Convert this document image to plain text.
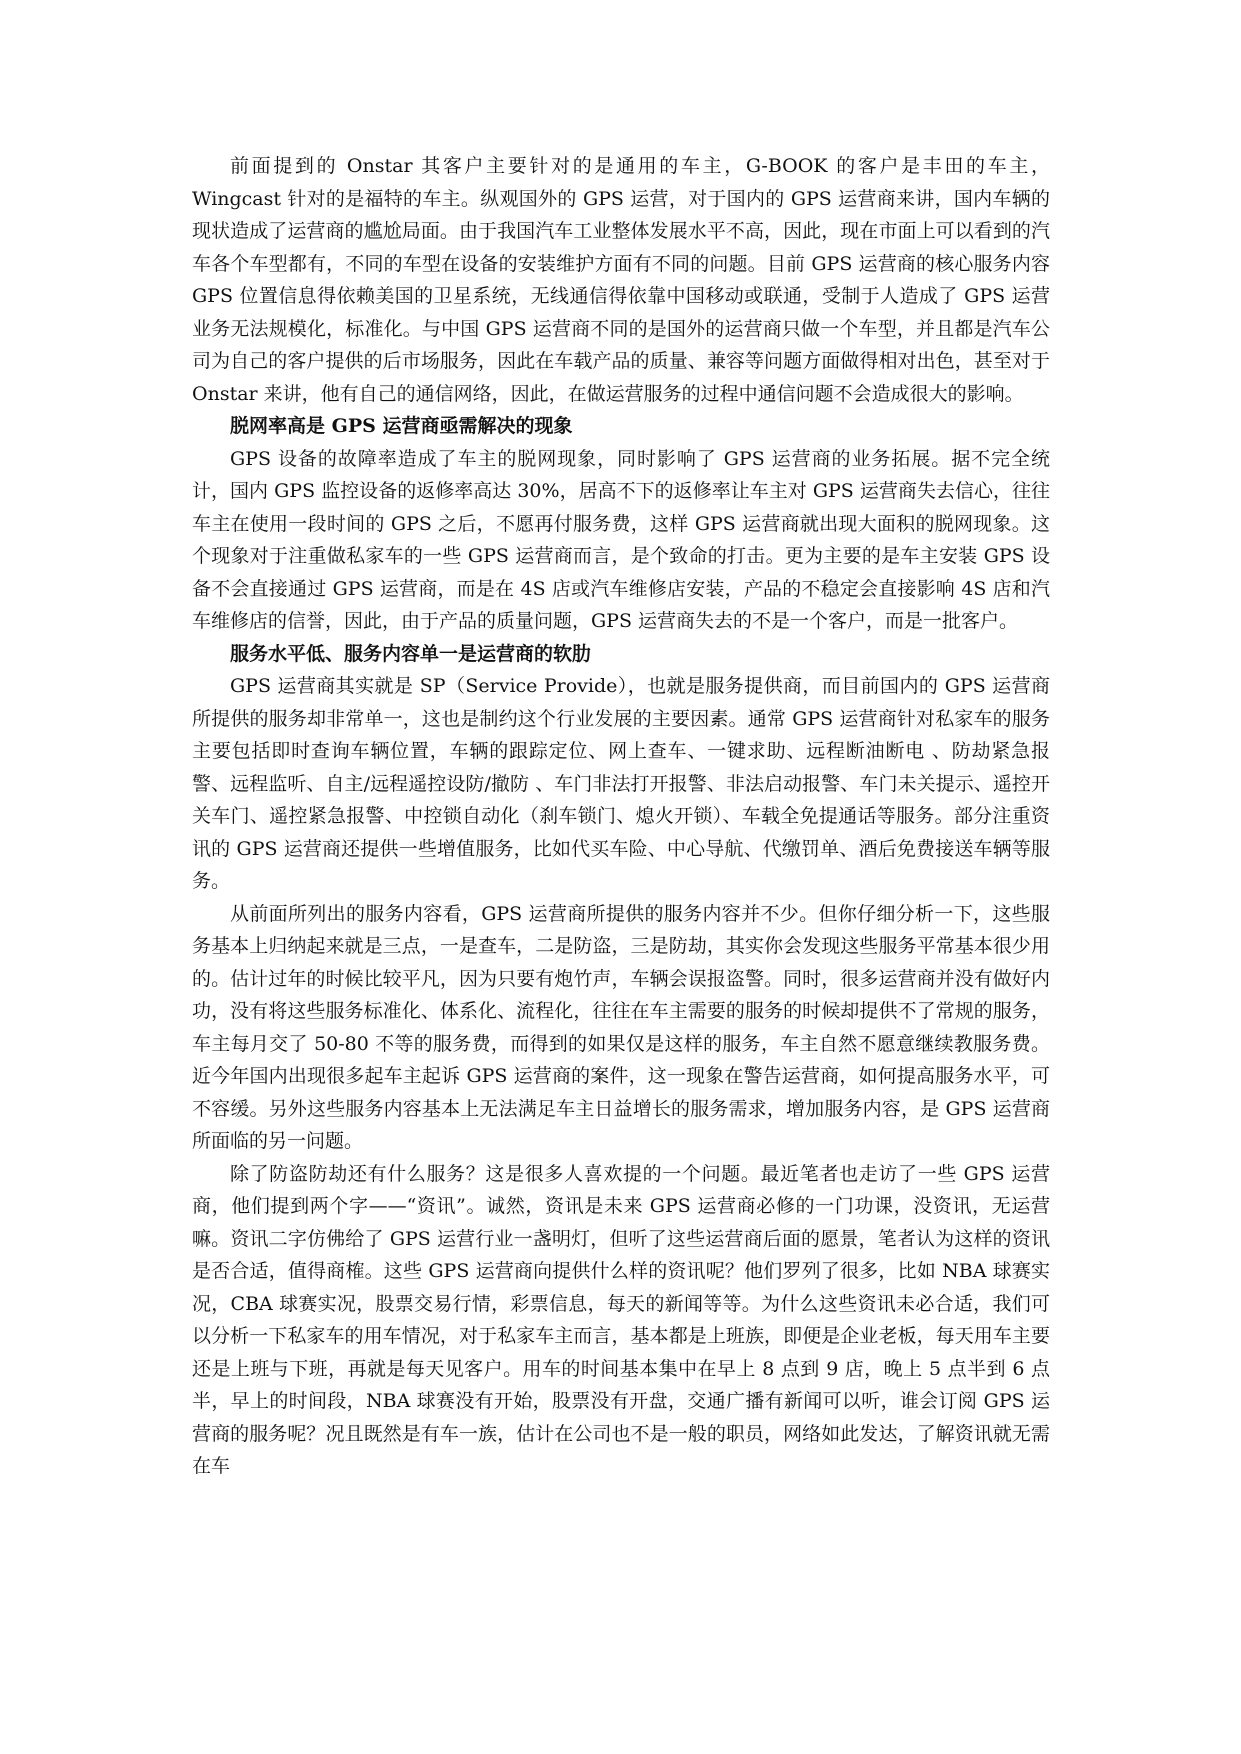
前面提到的 Onstar 其客户主要针对的是通用的车主，G-BOOK 的客户是丰田的车主，Wingcast 针对的是福特的车主。纵观国外的 GPS 运营，对于国内的 GPS 运营商来讲，国内车辆的现状造成了运营商的尴尬局面。由于我国汽车工业整体发展水平不高，因此，现在市面上可以看到的汽车各个车型都有，不同的车型在设备的安装维护方面有不同的问题。目前 GPS 运营商的核心服务内容 GPS 位置信息得依赖美国的卫星系统，无线通信得依靠中国移动或联通，受制于人造成了 GPS 运营业务无法规模化，标准化。与中国 GPS 运营商不同的是国外的运营商只做一个车型，并且都是汽车公司为自己的客户提供的后市场服务，因此在车载产品的质量、兼容等问题方面做得相对出色，甚至对于 Onstar 来讲，他有自己的通信网络，因此，在做运营服务的过程中通信问题不会造成很大的影响。

脱网率高是 GPS 运营商亟需解决的现象

GPS 设备的故障率造成了车主的脱网现象，同时影响了 GPS 运营商的业务拓展。据不完全统计，国内 GPS 监控设备的返修率高达 30%，居高不下的返修率让车主对 GPS 运营商失去信心，往往车主在使用一段时间的 GPS 之后，不愿再付服务费，这样 GPS 运营商就出现大面积的脱网现象。这个现象对于注重做私家车的一些 GPS 运营商而言，是个致命的打击。更为主要的是车主安装 GPS 设备不会直接通过 GPS 运营商，而是在 4S 店或汽车维修店安装，产品的不稳定会直接影响 4S 店和汽车维修店的信誉，因此，由于产品的质量问题，GPS 运营商失去的不是一个客户，而是一批客户。

服务水平低、服务内容单一是运营商的软肋

GPS 运营商其实就是 SP（Service Provide），也就是服务提供商，而目前国内的 GPS 运营商所提供的服务却非常单一，这也是制约这个行业发展的主要因素。通常 GPS 运营商针对私家车的服务主要包括即时查询车辆位置，车辆的跟踪定位、网上查车、一键求助、远程断油断电 、防劫紧急报警、远程监听、自主/远程遥控设防/撤防 、车门非法打开报警、非法启动报警、车门未关提示、遥控开关车门、遥控紧急报警、中控锁自动化（刹车锁门、熄火开锁）、车载全免提通话等服务。部分注重资讯的 GPS 运营商还提供一些增值服务，比如代买车险、中心导航、代缴罚单、酒后免费接送车辆等服务。

从前面所列出的服务内容看，GPS 运营商所提供的服务内容并不少。但你仔细分析一下，这些服务基本上归纳起来就是三点，一是查车，二是防盗，三是防劫，其实你会发现这些服务平常基本很少用的。估计过年的时候比较平凡，因为只要有炮竹声，车辆会误报盗警。同时，很多运营商并没有做好内功，没有将这些服务标准化、体系化、流程化，往往在车主需要的服务的时候却提供不了常规的服务，车主每月交了 50-80 不等的服务费，而得到的如果仅是这样的服务，车主自然不愿意继续教服务费。近今年国内出现很多起车主起诉 GPS 运营商的案件，这一现象在警告运营商，如何提高服务水平，可不容缓。另外这些服务内容基本上无法满足车主日益增长的服务需求，增加服务内容，是 GPS 运营商所面临的另一问题。

除了防盗防劫还有什么服务？这是很多人喜欢提的一个问题。最近笔者也走访了一些 GPS 运营商，他们提到两个字——“资讯”。诚然，资讯是未来 GPS 运营商必修的一门功课，没资讯，无运营嘛。资讯二字仿佛给了 GPS 运营行业一盏明灯，但听了这些运营商后面的愿景，笔者认为这样的资讯是否合适，值得商榷。这些 GPS 运营商向提供什么样的资讯呢？他们罗列了很多，比如 NBA 球赛实况，CBA 球赛实况，股票交易行情，彩票信息，每天的新闻等等。为什么这些资讯未必合适，我们可以分析一下私家车的用车情况，对于私家车主而言，基本都是上班族，即便是企业老板，每天用车主要还是上班与下班，再就是每天见客户。用车的时间基本集中在早上 8 点到 9 店，晚上 5 点半到 6 点半，早上的时间段，NBA 球赛没有开始，股票没有开盘，交通广播有新闻可以听，谁会订阅 GPS 运营商的服务呢？况且既然是有车一族，估计在公司也不是一般的职员，网络如此发达，了解资讯就无需在车
